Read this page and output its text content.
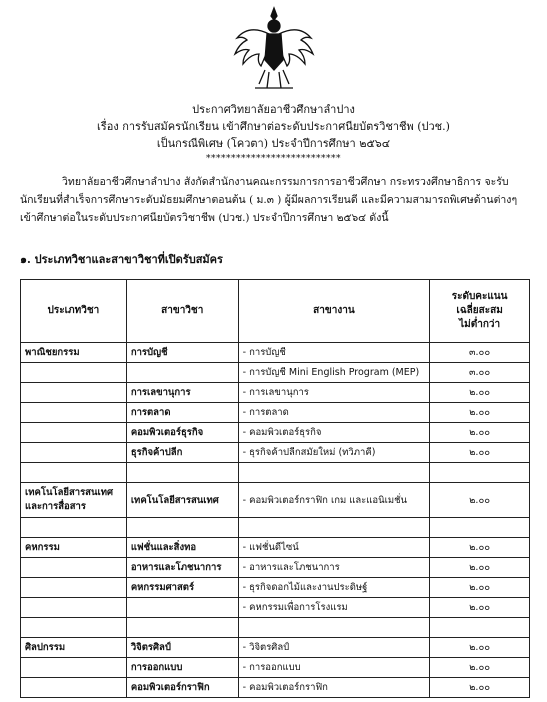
ประกาศวิทยาลัยอาชีวศึกษาลำปาง
เรื่อง การรับสมัครนักเรียน เข้าศึกษาต่อระดับประกาศนียบัตรวิชาชีพ (ปวช.)
เป็นกรณีพิเศษ (โควตา) ประจำปีการศึกษา ๒๕๖๔
***************************
วิทยาลัยอาชีวศึกษาลำปาง สังกัดสำนักงานคณะกรรมการการอาชีวศึกษา กระทรวงศึกษาธิการ จะรับ
นักเรียนที่สำเร็จการศึกษาระดับมัธยมศึกษาตอนต้น ( ม.๓ ) ผู้มีผลการเรียนดี และมีความสามารถพิเศษด้านต่างๆ
เข้าศึกษาต่อในระดับประกาศนียบัตรวิชาชีพ (ปวช.) ประจำปีการศึกษา ๒๕๖๔ ดังนี้
๑. ประเภทวิชาและสาขาวิชาที่เปิดรับสมัคร
ประเภทวิชา	สาขาวิชา	สาขางาน	ระดับคะแนน
เฉลี่ยสะสม
ไม่ต่ำกว่า

พาณิชยกรรม	การบัญชี	- การบัญชี	๓.๐๐
		- การบัญชี Mini English Program (MEP)	๓.๐๐
	การเลขานุการ	- การเลขานุการ	๒.๐๐
	การตลาด	- การตลาด	๒.๐๐
	คอมพิวเตอร์ธุรกิจ	- คอมพิวเตอร์ธุรกิจ	๒.๐๐
	ธุรกิจค้าปลีก	- ธุรกิจค้าปลีกสมัยใหม่ (ทวิภาคี)	๒.๐๐

เทคโนโลยีสารสนเทศ
และการสื่อสาร	เทคโนโลยีสารสนเทศ	- คอมพิวเตอร์กราฟิก เกม และแอนิเมชั่น	๒.๐๐

คหกรรม	แฟชั่นและสิ่งทอ	- แฟชั่นดีไซน์	๒.๐๐
	อาหารและโภชนาการ	- อาหารและโภชนาการ	๒.๐๐
	คหกรรมศาสตร์	- ธุรกิจดอกไม้และงานประดิษฐ์	๒.๐๐
		- คหกรรมเพื่อการโรงแรม	๒.๐๐

ศิลปกรรม	วิจิตรศิลป์	- วิจิตรศิลป์	๒.๐๐
	การออกแบบ	- การออกแบบ	๒.๐๐
	คอมพิวเตอร์กราฟิก	- คอมพิวเตอร์กราฟิก	๒.๐๐
